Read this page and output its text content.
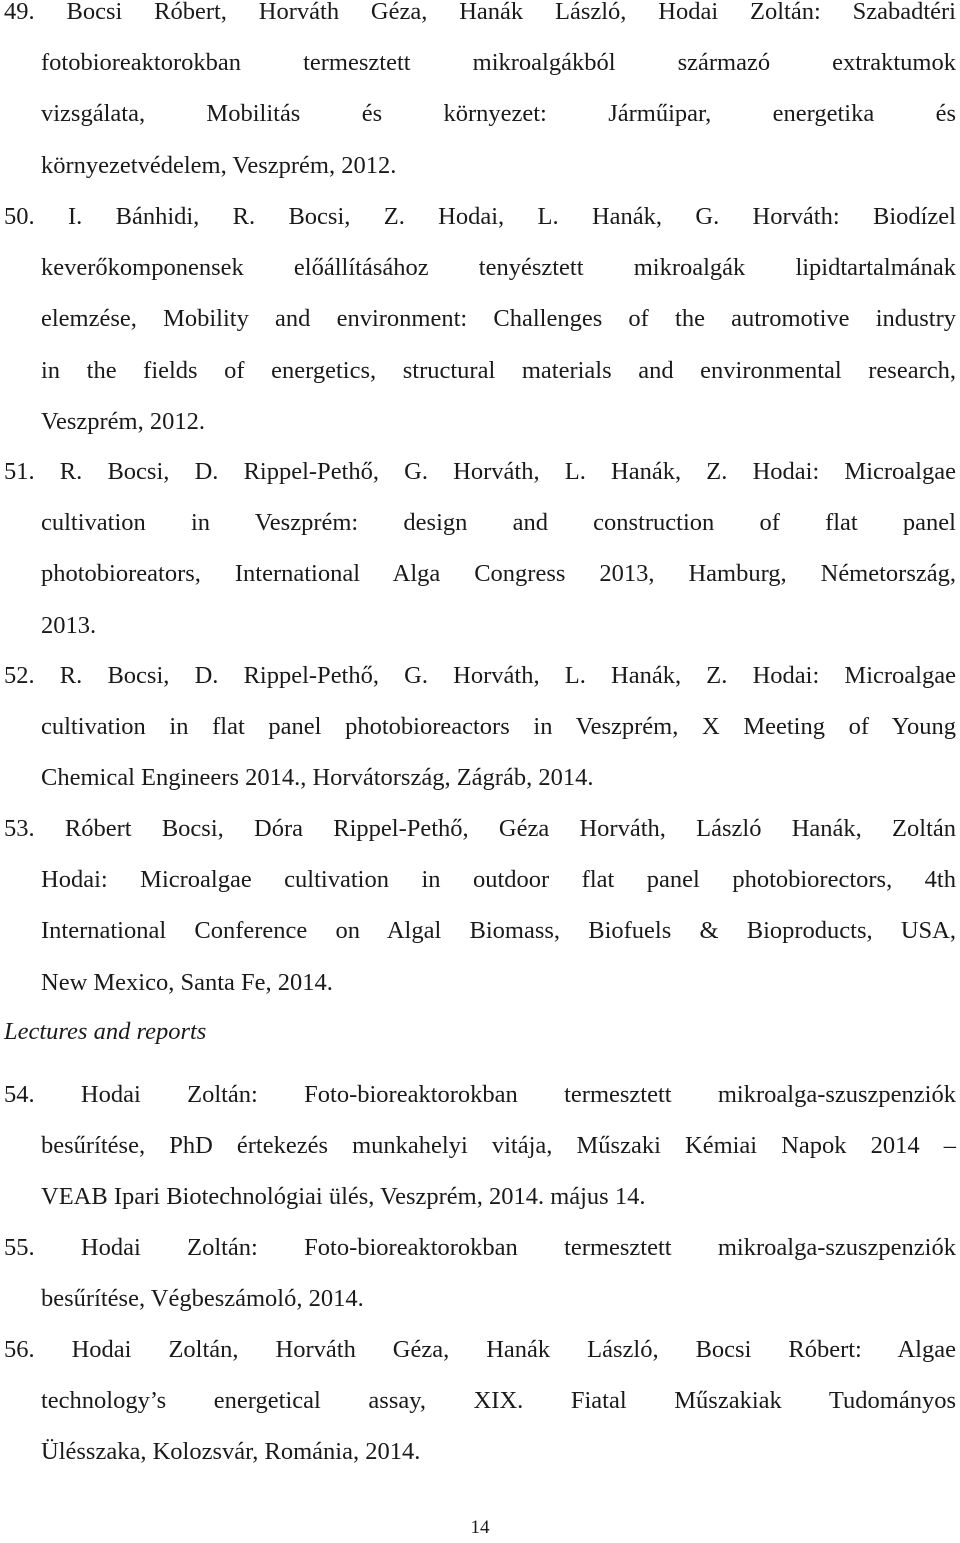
49. Bocsi Róbert, Horváth Géza, Hanák László, Hodai Zoltán: Szabadtéri
fotobioreaktorokban termesztett mikroalgákból származó extraktumok
vizsgálata, Mobilitás és környezet: Járműipar, energetika és
környezetvédelem, Veszprém, 2012.

50. I. Bánhidi, R. Bocsi, Z. Hodai, L. Hanák, G. Horváth: Biodízel
keverőkomponensek előállításához tenyésztett mikroalgák lipidtartalmának
elemzése, Mobility and environment: Challenges of the autromotive industry
in the fields of energetics, structural materials and environmental research,
Veszprém, 2012.

51. R. Bocsi, D. Rippel-Pethő, G. Horváth, L. Hanák, Z. Hodai: Microalgae
cultivation in Veszprém: design and construction of flat panel
photobioreators, International Alga Congress 2013, Hamburg, Németország,
2013.

52. R. Bocsi, D. Rippel-Pethő, G. Horváth, L. Hanák, Z. Hodai: Microalgae
cultivation in flat panel photobioreactors in Veszprém, X Meeting of Young
Chemical Engineers 2014., Horvátország, Zágráb, 2014.

53. Róbert Bocsi, Dóra Rippel-Pethő, Géza Horváth, László Hanák, Zoltán
Hodai: Microalgae cultivation in outdoor flat panel photobiorectors, 4th
International Conference on Algal Biomass, Biofuels & Bioproducts, USA,
New Mexico, Santa Fe, 2014.

Lectures and reports

54. Hodai Zoltán: Foto-bioreaktorokban termesztett mikroalga-szuszpenziók
besűrítése, PhD értekezés munkahelyi vitája, Műszaki Kémiai Napok 2014 –
VEAB Ipari Biotechnológiai ülés, Veszprém, 2014. május 14.

55. Hodai Zoltán: Foto-bioreaktorokban termesztett mikroalga-szuszpenziók
besűrítése, Végbeszámoló, 2014.

56. Hodai Zoltán, Horváth Géza, Hanák László, Bocsi Róbert: Algae
technology’s energetical assay, XIX. Fiatal Műszakiak Tudományos
Ülésszaka, Kolozsvár, Románia, 2014.

14
